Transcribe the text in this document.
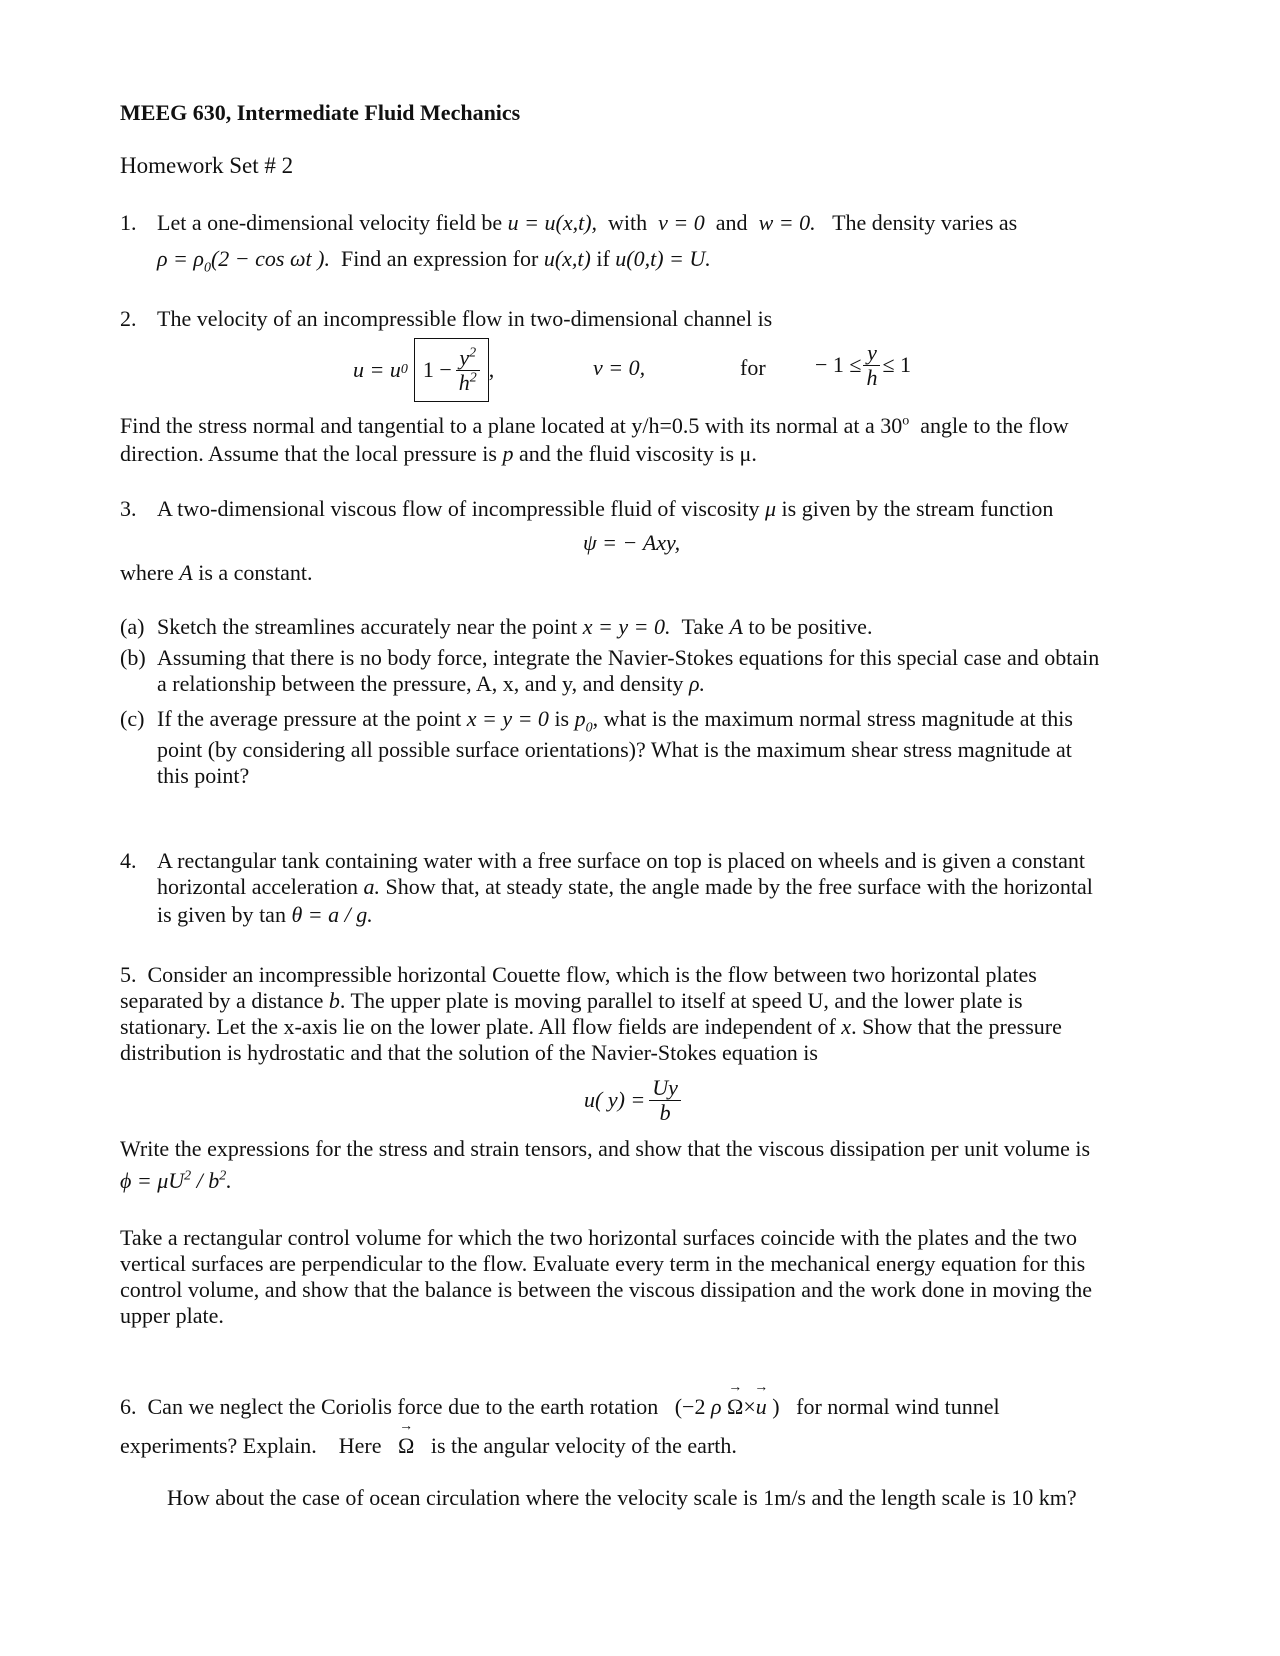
MEEG 630, Intermediate Fluid Mechanics
Homework Set # 2
1. Let a one-dimensional velocity field be u = u(x,t), with v = 0 and w = 0. The density varies as
$\rho = \rho_0(2 - \cos \omega t$ ). Find an expression for u(x,t) if u(0,t) = U.
2. The velocity of an incompressible flow in two-dimensional channel is
u = u 0 $1 - \frac{y^2}{h^2}$ ,	v = 0,	for − $1 \le \frac{y}{h} \le 1$
Find the stress normal and tangential to a plane located at y/h=0.5 with its normal at a 30$^o$  angle to the flow
direction. Assume that the local pressure is p and the fluid viscosity is μ.
3. A two-dimensional viscous flow of incompressible fluid of viscosity μ is given by the stream function
ψ = − Axy,
where A is a constant.
(a) Sketch the streamlines accurately near the point x = y = 0. Take A to be positive.
(b) Assuming that there is no body force, integrate the Navier-Stokes equations for this special case and obtain
a relationship between the pressure, A, x, and y, and density ρ.
(c) If the average pressure at the point x = y = 0 is $p_0$, what is the maximum normal stress magnitude at this
point (by considering all possible surface orientations)? What is the maximum shear stress magnitude at
this point?
4. A rectangular tank containing water with a free surface on top is placed on wheels and is given a constant
horizontal acceleration a. Show that, at steady state, the angle made by the free surface with the horizontal
is given by tan θ = a / g.
5. Consider an incompressible horizontal Couette flow, which is the flow between two horizontal plates
separated by a distance b. The upper plate is moving parallel to itself at speed U, and the lower plate is
stationary. Let the x-axis lie on the lower plate. All flow fields are independent of x. Show that the pressure
distribution is hydrostatic and that the solution of the Navier-Stokes equation is
u( $y) = \frac{Uy}{b}$
Write the expressions for the stress and strain tensors, and show that the viscous dissipation per unit volume is
$\phi = \mu U^2 / b^2$.
Take a rectangular control volume for which the two horizontal surfaces coincide with the plates and the two
vertical surfaces are perpendicular to the flow. Evaluate every term in the mechanical energy equation for this
control volume, and show that the balance is between the viscous dissipation and the work done in moving the
upper plate.
6. Can we neglect the Coriolis force due to the earth rotation (−2 ρ → Ω×→ u ) for normal wind tunnel
experiments? Explain.    Here → Ω is the angular velocity of the earth.
How about the case of ocean circulation where the velocity scale is 1m/s and the length scale is 10 km?
